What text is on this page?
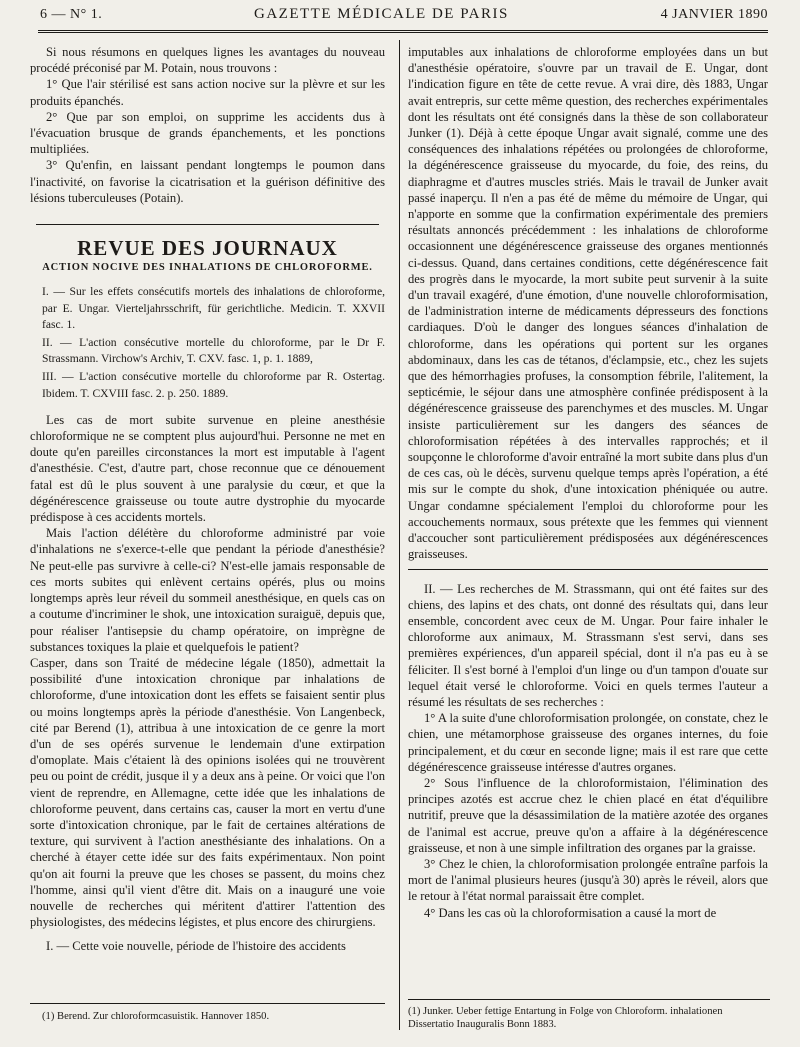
6 — N° 1.	GAZETTE MÉDICALE DE PARIS	4 JANVIER 1890

Si nous résumons en quelques lignes les avantages du nouveau procédé préconisé par M. Potain, nous trouvons :

1° Que l'air stérilisé est sans action nocive sur la plèvre et sur les produits épanchés.

2° Que par son emploi, on supprime les accidents dus à l'évacuation brusque de grands épanchements, et les ponctions multipliées.

3° Qu'enfin, en laissant pendant longtemps le poumon dans l'inactivité, on favorise la cicatrisation et la guérison définitive des lésions tuberculeuses (Potain).

REVUE DES JOURNAUX
ACTION NOCIVE DES INHALATIONS DE CHLOROFORME.

I. — Sur les effets consécutifs mortels des inhalations de chloroforme, par E. Ungar. Vierteljahrsschrift, für gerichtliche. Medicin. T. XXVII fasc. 1.

II. — L'action consécutive mortelle du chloroforme, par le Dr F. Strassmann. Virchow's Archiv, T. CXV. fasc. 1, p. 1. 1889,

III. — L'action consécutive mortelle du chloroforme par R. Ostertag. Ibidem. T. CXVIII fasc. 2. p. 250. 1889.

Les cas de mort subite survenue en pleine anesthésie chloroformique ne se comptent plus aujourd'hui. Personne ne met en doute qu'en pareilles circonstances la mort est imputable à l'agent d'anesthésie. C'est, d'autre part, chose reconnue que ce dénouement fatal est dû le plus souvent à une paralysie du cœur, et que la dégénérescence graisseuse ou toute autre dystrophie du myocarde prédispose à ces accidents mortels.

Mais l'action délétère du chloroforme administré par voie d'inhalations ne s'exerce-t-elle que pendant la période d'anesthésie? Ne peut-elle pas survivre à celle-ci? N'est-elle jamais responsable de ces morts subites qui enlèvent certains opérés, plus ou moins longtemps après leur réveil du sommeil anesthésique, en quels cas on a coutume d'incriminer le shok, une intoxication suraiguë, depuis que, pour réaliser l'antisepsie du champ opératoire, on imprègne de substances toxiques la plaie et quelquefois le patient?

Casper, dans son Traité de médecine légale (1850), admettait la possibilité d'une intoxication chronique par inhalations de chloroforme, d'une intoxication dont les effets se faisaient sentir plus ou moins longtemps après la période d'anesthésie. Von Langenbeck, cité par Berend (1), attribua à une intoxication de ce genre la mort d'un de ses opérés survenue le lendemain d'une extirpation d'omoplate. Mais c'étaient là des opinions isolées qui ne trouvèrent peu ou point de crédit, jusque il y a deux ans à peine. Or voici que l'on vient de reprendre, en Allemagne, cette idée que les inhalations de chloroforme peuvent, dans certains cas, causer la mort en vertu d'une sorte d'intoxication chronique, par le fait de certaines altérations de texture, qui survivent à l'action anesthésiante des inhalations. On a cherché à étayer cette idée sur des faits expérimentaux. Non point qu'on ait fourni la preuve que les choses se passent, du moins chez l'homme, ainsi qu'il vient d'être dit. Mais on a inauguré une voie nouvelle de recherches qui méritent d'attirer l'attention des physiologistes, des médecins légistes, et plus encore des chirurgiens.

I. — Cette voie nouvelle, période de l'histoire des accidents

(1) Berend. Zur chloroformcasuistik. Hannover 1850.

imputables aux inhalations de chloroforme employées dans un but d'anesthésie opératoire, s'ouvre par un travail de E. Ungar, dont l'indication figure en tête de cette revue. A vrai dire, dès 1883, Ungar avait entrepris, sur cette même question, des recherches expérimentales dont les résultats ont été consignés dans la thèse de son collaborateur Junker (1). Déjà à cette époque Ungar avait signalé, comme une des conséquences des inhalations répétées ou prolongées de chloroforme, la dégénérescence graisseuse du myocarde, du foie, des reins, du diaphragme et d'autres muscles striés. Mais le travail de Junker avait passé inaperçu. Il n'en a pas été de même du mémoire de Ungar, qui n'apporte en somme que la confirmation expérimentale des premiers résultats annoncés précédemment : les inhalations de chloroforme occasionnent une dégénérescence graisseuse des organes mentionnés ci-dessus. Quand, dans certaines conditions, cette dégénérescence fait des progrès dans le myocarde, la mort subite peut survenir à la suite d'un travail exagéré, d'une émotion, d'une nouvelle chloroformisation, de l'administration interne de médicaments dépresseurs des fonctions cardiaques. D'où le danger des longues séances d'inhalation de chloroforme, dans les opérations qui portent sur les organes abdominaux, dans les cas de tétanos, d'éclampsie, etc., chez les sujets que des hémorrhagies profuses, la consomption fébrile, l'alitement, la septicémie, le séjour dans une atmosphère confinée prédisposent à la dégénérescence graisseuse des parenchymes et des muscles. M. Ungar insiste particulièrement sur les dangers des séances de chloroformisation répétées à des intervalles rapprochés; et il soupçonne le chloroforme d'avoir entraîné la mort subite dans plus d'un de ces cas, où le décès, survenu quelque temps après l'opération, a été mis sur le compte du shok, d'une intoxication phéniquée ou autre. Ungar condamne spécialement l'emploi du chloroforme pour les accouchements normaux, sous prétexte que les femmes qui viennent d'accoucher sont particulièrement prédisposées aux dégénérescences graisseuses.

II. — Les recherches de M. Strassmann, qui ont été faites sur des chiens, des lapins et des chats, ont donné des résultats qui, dans leur ensemble, concordent avec ceux de M. Ungar. Pour faire inhaler le chloroforme aux animaux, M. Strassmann s'est servi, dans ses premières expériences, d'un appareil spécial, dont il n'a pas eu à se féliciter. Il s'est borné à l'emploi d'un linge ou d'un tampon d'ouate sur lequel était versé le chloroforme. Voici en quels termes l'auteur a résumé les résultats de ses recherches :

1° A la suite d'une chloroformisation prolongée, on constate, chez le chien, une métamorphose graisseuse des organes internes, du foie principalement, et du cœur en seconde ligne; mais il est rare que cette dégénérescence graisseuse intéresse d'autres organes.

2° Sous l'influence de la chloroformistaion, l'élimination des principes azotés est accrue chez le chien placé en état d'équilibre nutritif, preuve que la désassimilation de la matière azotée des organes de l'animal est accrue, preuve qu'on a affaire à la dégénérescence graisseuse, et non à une simple infiltration des organes par la graisse.

3° Chez le chien, la chloroformisation prolongée entraîne parfois la mort de l'animal plusieurs heures (jusqu'à 30) après le réveil, alors que le retour à l'état normal paraissait être complet.

4° Dans les cas où la chloroformisation a causé la mort de

(1) Junker. Ueber fettige Entartung in Folge von Chloroform. inhalationen Dissertatio Inauguralis Bonn 1883.
